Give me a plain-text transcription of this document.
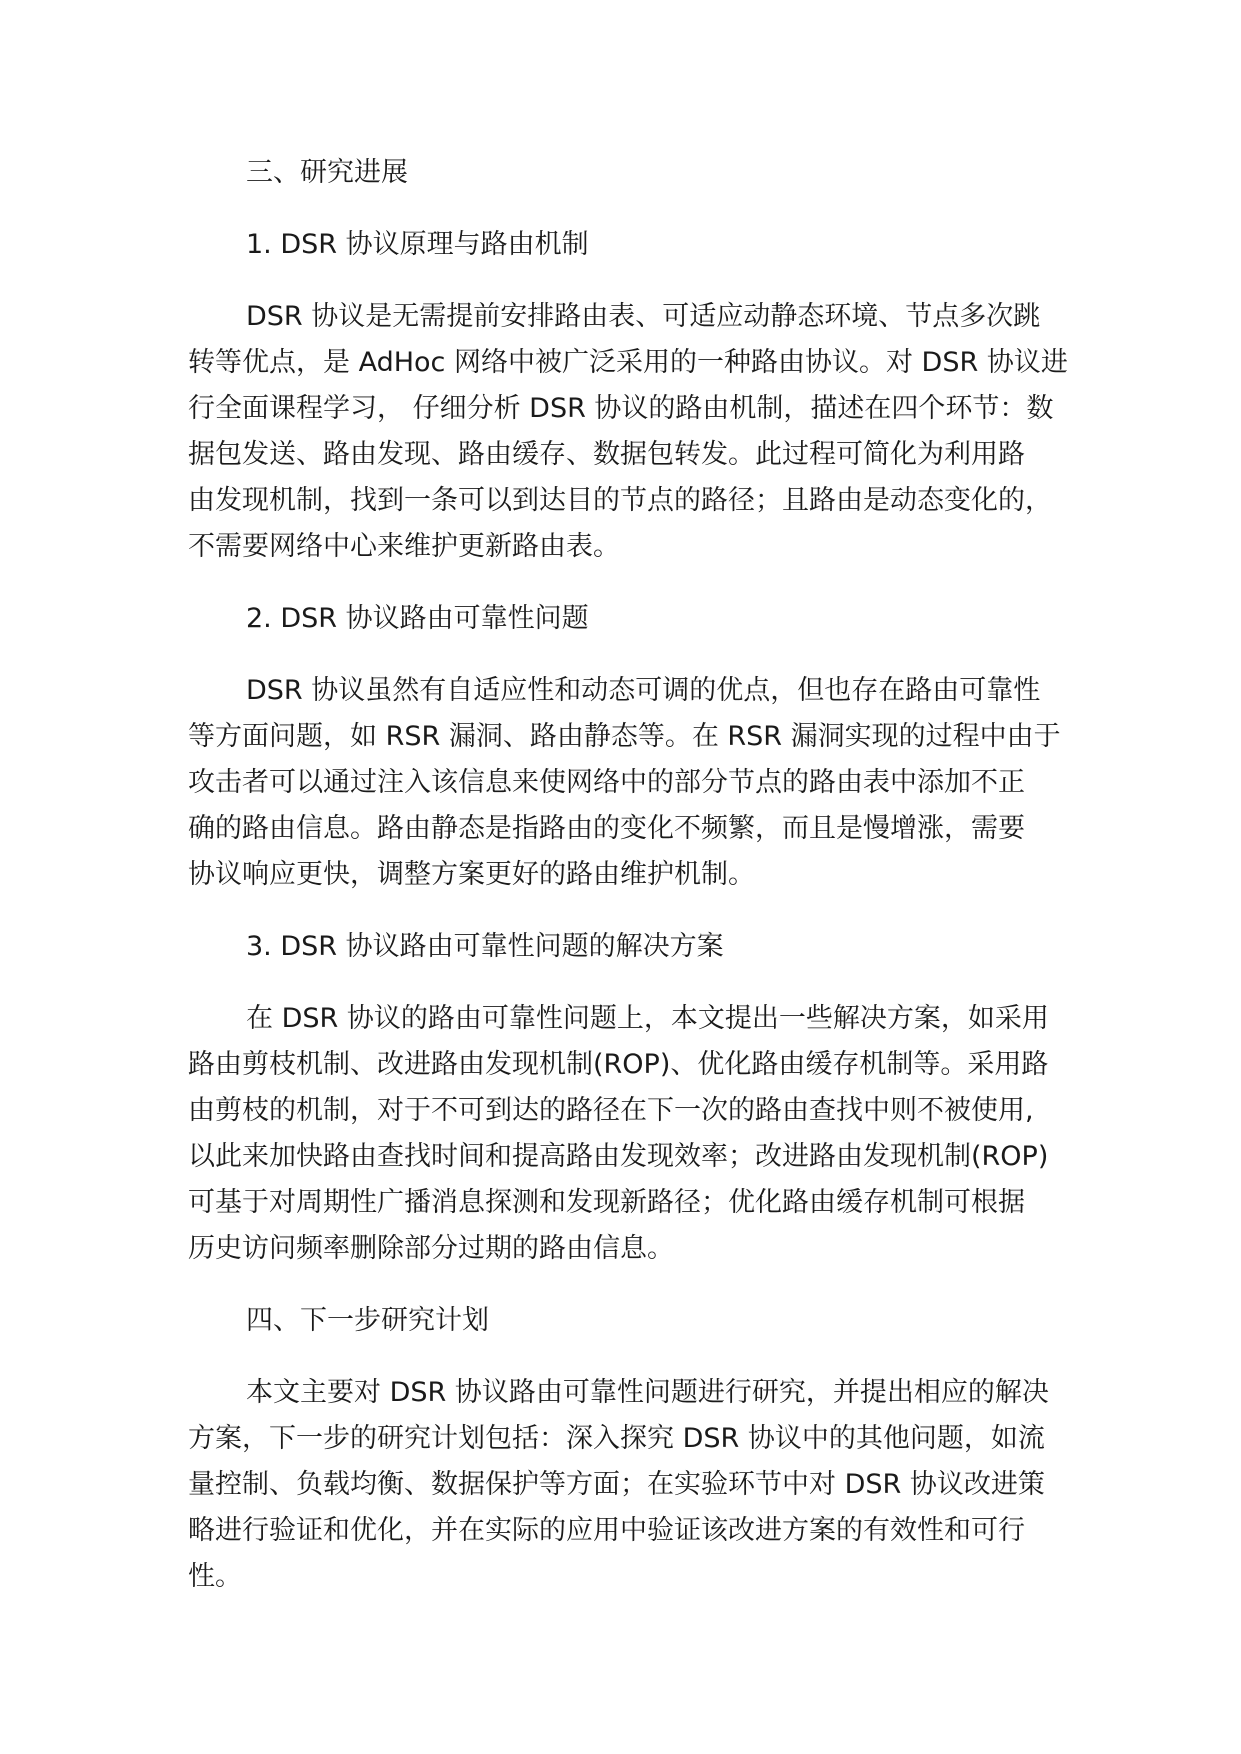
三、研究进展
1. DSR 协议原理与路由机制
DSR 协议是无需提前安排路由表、可适应动静态环境、节点多次跳
转等优点，是 AdHoc 网络中被广泛采用的一种路由协议。对 DSR 协议进
行全面课程学习， 仔细分析 DSR 协议的路由机制，描述在四个环节：数
据包发送、路由发现、路由缓存、数据包转发。此过程可简化为利用路
由发现机制，找到一条可以到达目的节点的路径；且路由是动态变化的，
不需要网络中心来维护更新路由表。
2. DSR 协议路由可靠性问题
DSR 协议虽然有自适应性和动态可调的优点，但也存在路由可靠性
等方面问题，如 RSR 漏洞、路由静态等。在 RSR 漏洞实现的过程中由于
攻击者可以通过注入该信息来使网络中的部分节点的路由表中添加不正
确的路由信息。路由静态是指路由的变化不频繁，而且是慢增涨，需要
协议响应更快，调整方案更好的路由维护机制。
3. DSR 协议路由可靠性问题的解决方案
在 DSR 协议的路由可靠性问题上，本文提出一些解决方案，如采用
路由剪枝机制、改进路由发现机制(ROP)、优化路由缓存机制等。采用路
由剪枝的机制，对于不可到达的路径在下一次的路由查找中则不被使用,
以此来加快路由查找时间和提高路由发现效率；改进路由发现机制(ROP)
可基于对周期性广播消息探测和发现新路径；优化路由缓存机制可根据
历史访问频率删除部分过期的路由信息。
四、下一步研究计划
本文主要对 DSR 协议路由可靠性问题进行研究，并提出相应的解决
方案，下一步的研究计划包括：深入探究 DSR 协议中的其他问题，如流
量控制、负载均衡、数据保护等方面；在实验环节中对 DSR 协议改进策
略进行验证和优化，并在实际的应用中验证该改进方案的有效性和可行
性。
